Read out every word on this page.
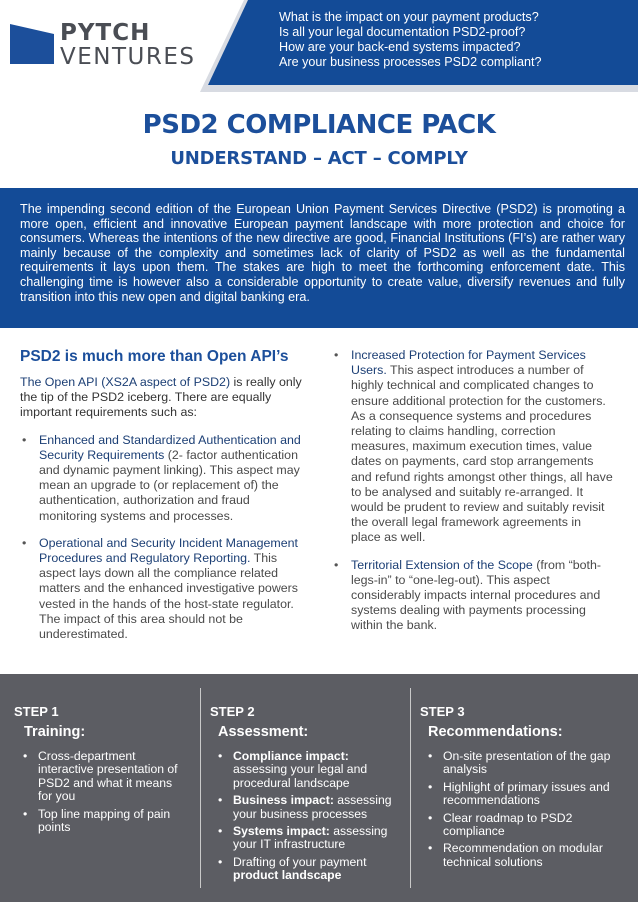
PYTCH
VENTURES
What is the impact on your payment products?
Is all your legal documentation PSD2-proof?
How are your back-end systems impacted?
Are your business processes PSD2 compliant?
PSD2 COMPLIANCE PACK
UNDERSTAND – ACT – COMPLY

The impending second edition of the European Union Payment Services Directive (PSD2) is promoting a more open, efficient and innovative European payment landscape with more protection and choice for consumers. Whereas the intentions of the new directive are good, Financial Institutions (FI’s) are rather wary mainly because of the complexity and sometimes lack of clarity of PSD2 as well as the fundamental requirements it lays upon them. The stakes are high to meet the forthcoming enforcement date. This challenging time is however also a considerable opportunity to create value, diversify revenues and fully transition into this new open and digital banking era.

PSD2 is much more than Open API’s

The Open API (XS2A aspect of PSD2) is really only the tip of the PSD2 iceberg. There are equally important requirements such as:

• Enhanced and Standardized Authentication and Security Requirements (2- factor authentication and dynamic payment linking). This aspect may mean an upgrade to (or replacement of) the authentication, authorization and fraud monitoring systems and processes.
• Operational and Security Incident Management Procedures and Regulatory Reporting. This aspect lays down all the compliance related matters and the enhanced investigative powers vested in the hands of the host-state regulator. The impact of this area should not be underestimated.
• Increased Protection for Payment Services Users. This aspect introduces a number of highly technical and complicated changes to ensure additional protection for the customers. As a consequence systems and procedures relating to claims handling, correction measures, maximum execution times, value dates on payments, card stop arrangements and refund rights amongst other things, all have to be analysed and suitably re-arranged. It would be prudent to review and suitably revisit the overall legal framework agreements in place as well.
• Territorial Extension of the Scope (from “both-legs-in” to “one-leg-out). This aspect considerably impacts internal procedures and systems dealing with payments processing within the bank.
STEP 1
Training:
• Cross-department interactive presentation of PSD2 and what it means for you
• Top line mapping of pain points
STEP 2
Assessment:
• Compliance impact: assessing your legal and procedural landscape
• Business impact: assessing your business processes
• Systems impact: assessing your IT infrastructure
• Drafting of your payment product landscape
STEP 3
Recommendations:
• On-site presentation of the gap analysis
• Highlight of primary issues and recommendations
• Clear roadmap to PSD2 compliance
• Recommendation on modular technical solutions
